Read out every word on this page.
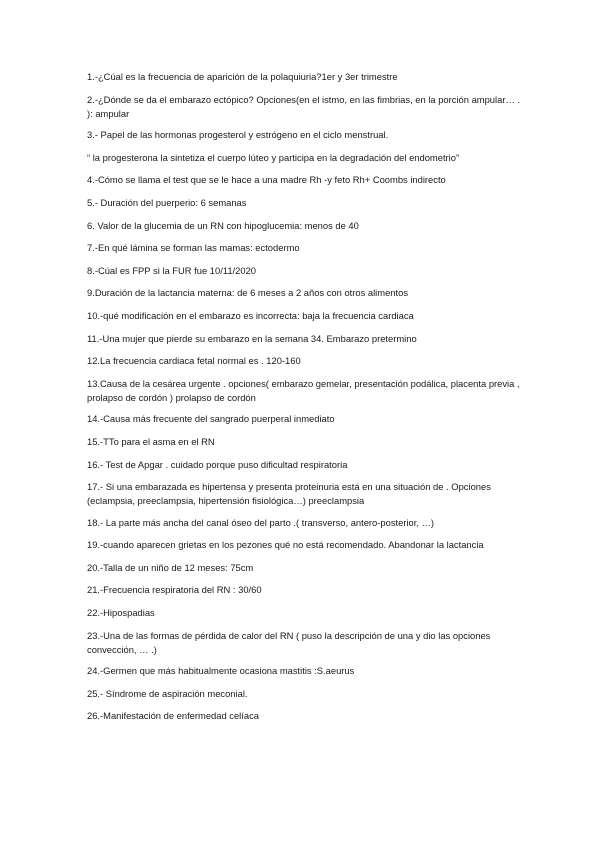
1.-¿Cúal es la frecuencia de aparición de la polaquiuria?1er y 3er trimestre
2.-¿Dónde se da el embarazo ectópico? Opciones(en el istmo, en las fimbrias, en la porción ampular… . ): ampular
3.- Papel de las hormonas progesterol y estrógeno en el ciclo menstrual.
“ la progesterona la sintetiza el cuerpo lúteo y participa en la degradación del endometrio”
4.-Cómo se llama el test que se le hace a una madre Rh -y feto Rh+ Coombs indirecto
5.- Duración del puerperio: 6 semanas
6. Valor de la glucemia de un RN con hipoglucemia: menos de 40
7.-En qué lámina se forman las mamas: ectodermo
8.-Cúal es FPP si la FUR fue 10/11/2020
9.Duración de la lactancia materna: de 6 meses a 2 años con otros alimentos
10.-qué modificación en el embarazo es incorrecta: baja la frecuencia cardiaca
11.-Una mujer que pierde su embarazo en la semana 34. Embarazo pretermino
12.La frecuencia cardiaca fetal normal es . 120-160
13.Causa de la cesárea urgente . opciones( embarazo gemelar, presentación podálica, placenta previa , prolapso de cordón ) prolapso de cordón
14.-Causa más frecuente del sangrado puerperal inmediato
15.-TTo para el asma en el RN
16.- Test de Apgar . cuidado porque puso dificultad respiratoria
17.- Si una embarazada es hipertensa y presenta proteinuria está en una situación de . Opciones (eclampsia, preeclampsia, hipertensión fisiológica…) preeclampsia
18.- La parte más ancha del canal óseo del parto .( transverso, antero-posterior, …)
19.-cuando aparecen grietas en los pezones qué no está recomendado. Abandonar la lactancia
20.-Talla de un niño de 12 meses: 75cm
21.-Frecuencia respiratoria del RN : 30/60
22.-Hipospadias
23.-Una de las formas de pérdida de calor del RN ( puso la descripción de una y dio las opciones convección, … .)
24.-Germen que más habitualmente ocasiona mastitis :S.aeurus
25.- Síndrome de aspiración meconial.
26.-Manifestación de enfermedad celíaca
